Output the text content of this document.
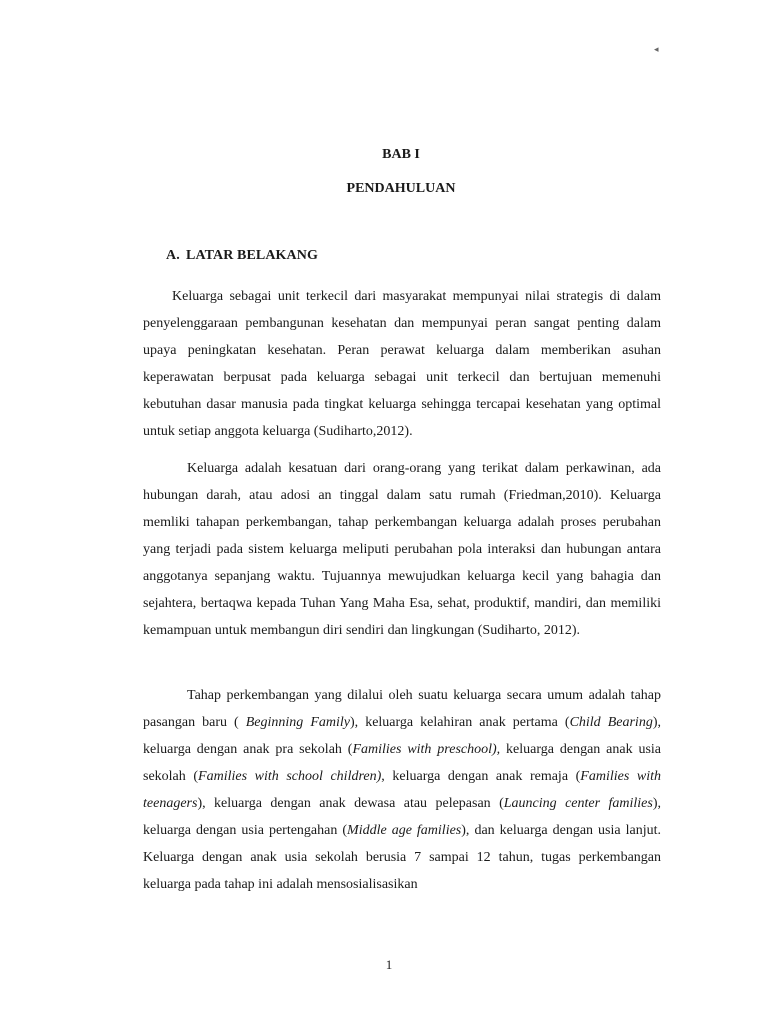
◂
BAB I
PENDAHULUAN
A. LATAR BELAKANG

Keluarga sebagai unit terkecil dari masyarakat mempunyai nilai strategis di dalam penyelenggaraan pembangunan kesehatan dan mempunyai peran sangat penting dalam upaya peningkatan kesehatan. Peran perawat keluarga dalam memberikan asuhan keperawatan berpusat pada keluarga sebagai unit terkecil dan bertujuan memenuhi kebutuhan dasar manusia pada tingkat keluarga sehingga tercapai kesehatan yang optimal untuk setiap anggota keluarga (Sudiharto,2012).

Keluarga adalah kesatuan dari orang-orang yang terikat dalam perkawinan, ada hubungan darah, atau adosi an tinggal dalam satu rumah (Friedman,2010). Keluarga memliki tahapan perkembangan, tahap perkembangan keluarga adalah proses perubahan yang terjadi pada sistem keluarga meliputi perubahan pola interaksi dan hubungan antara anggotanya sepanjang waktu. Tujuannya mewujudkan keluarga kecil yang bahagia dan sejahtera, bertaqwa kepada Tuhan Yang Maha Esa, sehat, produktif, mandiri, dan memiliki kemampuan untuk membangun diri sendiri dan lingkungan (Sudiharto, 2012).

Tahap perkembangan yang dilalui oleh suatu keluarga secara umum adalah tahap pasangan baru ( Beginning Family), keluarga kelahiran anak pertama (Child Bearing), keluarga dengan anak pra sekolah (Families with preschool), keluarga dengan anak usia sekolah (Families with school children), keluarga dengan anak remaja (Families with teenagers), keluarga dengan anak dewasa atau pelepasan (Launcing center families), keluarga dengan usia pertengahan (Middle age families), dan keluarga dengan usia lanjut. Keluarga dengan anak usia sekolah berusia 7 sampai 12 tahun, tugas perkembangan keluarga pada tahap ini adalah mensosialisasikan

1
